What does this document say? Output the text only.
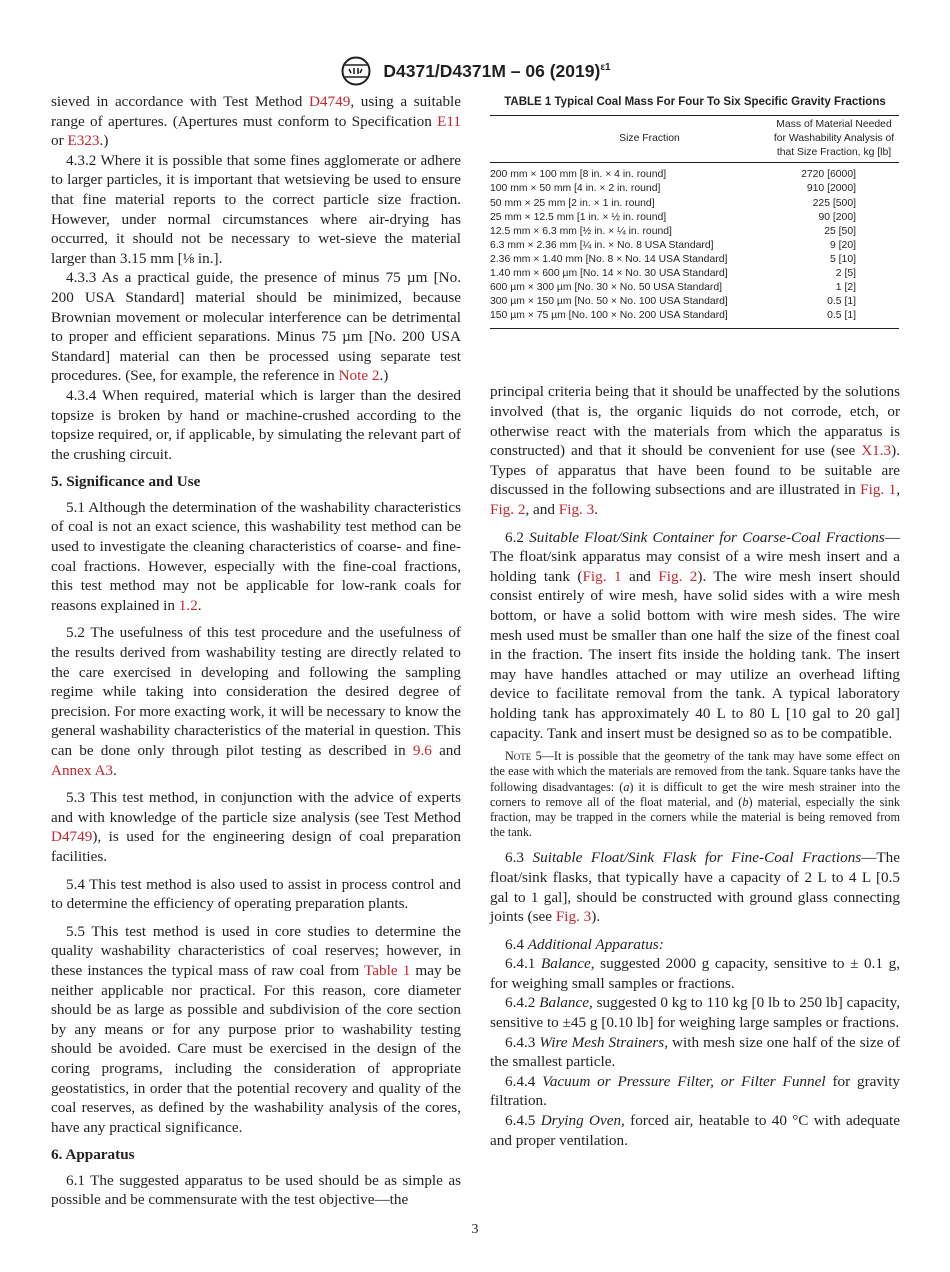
D4371/D4371M – 06 $(2019)^{\varepsilon 1}$

sieved in accordance with Test Method D4749, using a suitable range of apertures. (Apertures must conform to Specification E11 or E323.)

4.3.2 Where it is possible that some fines agglomerate or adhere to larger particles, it is important that wetsieving be used to ensure that fine material reports to the correct particle size fraction. However, under normal circumstances where air-drying has occurred, it should not be necessary to wet-sieve the material larger than 3.15 mm [⅛ in.].

4.3.3 As a practical guide, the presence of minus 75 µm [No. 200 USA Standard] material should be minimized, because Brownian movement or molecular interference can be detrimental to proper and efficient separations. Minus 75 µm [No. 200 USA Standard] material can then be processed using separate test procedures. (See, for example, the reference in Note 2.)

4.3.4 When required, material which is larger than the desired topsize is broken by hand or machine-crushed according to the topsize required, or, if applicable, by simulating the relevant part of the crushing circuit.

5. Significance and Use

5.1 Although the determination of the washability characteristics of coal is not an exact science, this washability test method can be used to investigate the cleaning characteristics of coarse- and fine-coal fractions. However, especially with the fine-coal fractions, this test method may not be applicable for low-rank coals for reasons explained in 1.2.

5.2 The usefulness of this test procedure and the usefulness of the results derived from washability testing are directly related to the care exercised in developing and following the sampling regime while taking into consideration the desired degree of precision. For more exacting work, it will be necessary to know the general washability characteristics of the material in question. This can be done only through pilot testing as described in 9.6 and Annex A3.

5.3 This test method, in conjunction with the advice of experts and with knowledge of the particle size analysis (see Test Method D4749), is used for the engineering design of coal preparation facilities.

5.4 This test method is also used to assist in process control and to determine the efficiency of operating preparation plants.

5.5 This test method is used in core studies to determine the quality washability characteristics of coal reserves; however, in these instances the typical mass of raw coal from Table 1 may be neither applicable nor practical. For this reason, core diameter should be as large as possible and subdivision of the core section by any means or for any purpose prior to washability testing should be avoided. Care must be exercised in the design of the coring programs, including the consideration of appropriate geostatistics, in order that the potential recovery and quality of the coal reserves, as defined by the washability analysis of the cores, have any practical significance.

6. Apparatus

6.1 The suggested apparatus to be used should be as simple as possible and be commensurate with the test objective—the

TABLE 1 Typical Coal Mass For Four To Six Specific Gravity Fractions
Size Fraction	Mass of Material Needed for Washability Analysis of that Size Fraction, kg [lb]
200 mm × 100 mm [8 in. × 4 in. round]	2720 [6000]
100 mm × 50 mm [4 in. × 2 in. round]	910 [2000]
50 mm × 25 mm [2 in. × 1 in. round]	225 [500]
25 mm × 12.5 mm [1 in. × ½ in. round]	90 [200]
12.5 mm × 6.3 mm [½ in. × ¼ in. round]	25 [50]
6.3 mm × 2.36 mm [¼ in. × No. 8 USA Standard]	9 [20]
2.36 mm × 1.40 mm [No. 8 × No. 14 USA Standard]	5 [10]
1.40 mm × 600 µm [No. 14 × No. 30 USA Standard]	2 [5]
600 µm × 300 µm [No. 30 × No. 50 USA Standard]	1 [2]
300 µm × 150 µm [No. 50 × No. 100 USA Standard]	0.5 [1]
150 µm × 75 µm [No. 100 × No. 200 USA Standard]	0.5 [1]

principal criteria being that it should be unaffected by the solutions involved (that is, the organic liquids do not corrode, etch, or otherwise react with the materials from which the apparatus is constructed) and that it should be convenient for use (see X1.3). Types of apparatus that have been found to be suitable are discussed in the following subsections and are illustrated in Fig. 1, Fig. 2, and Fig. 3.

6.2 Suitable Float/Sink Container for Coarse-Coal Fractions—The float/sink apparatus may consist of a wire mesh insert and a holding tank (Fig. 1 and Fig. 2). The wire mesh insert should consist entirely of wire mesh, have solid sides with a wire mesh bottom, or have a solid bottom with wire mesh sides. The wire mesh used must be smaller than one half the size of the finest coal in the fraction. The insert fits inside the holding tank. The insert may have handles attached or may utilize an overhead lifting device to facilitate removal from the tank. A typical laboratory holding tank has approximately 40 L to 80 L [10 gal to 20 gal] capacity. Tank and insert must be designed so as to be compatible.

Note 5—It is possible that the geometry of the tank may have some effect on the ease with which the materials are removed from the tank. Square tanks have the following disadvantages: (a) it is difficult to get the wire mesh strainer into the corners to remove all of the float material, and (b) material, especially the sink fraction, may be trapped in the corners while the material is being removed from the tank.

6.3 Suitable Float/Sink Flask for Fine-Coal Fractions—The float/sink flasks, that typically have a capacity of 2 L to 4 L [0.5 gal to 1 gal], should be constructed with ground glass connecting joints (see Fig. 3).

6.4 Additional Apparatus:

6.4.1 Balance, suggested 2000 g capacity, sensitive to ± 0.1 g, for weighing small samples or fractions.

6.4.2 Balance, suggested 0 kg to 110 kg [0 lb to 250 lb] capacity, sensitive to ±45 g [0.10 lb] for weighing large samples or fractions.

6.4.3 Wire Mesh Strainers, with mesh size one half of the size of the smallest particle.

6.4.4 Vacuum or Pressure Filter, or Filter Funnel for gravity filtration.

6.4.5 Drying Oven, forced air, heatable to 40 °C with adequate and proper ventilation.

3
